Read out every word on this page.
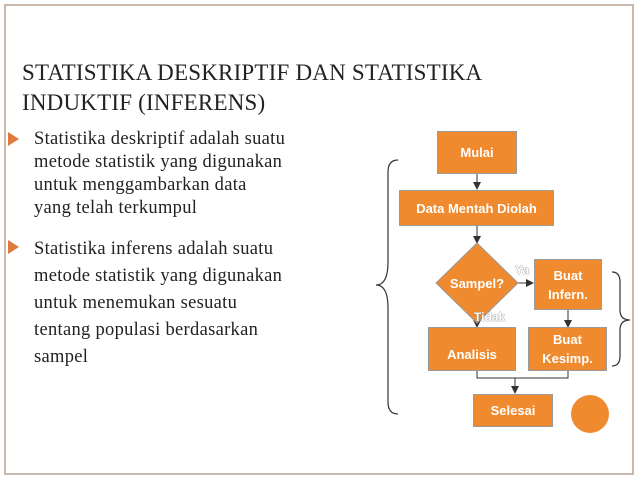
STATISTIKA DESKRIPTIF DAN STATISTIKA
INDUKTIF (INFERENS)
Statistika deskriptif adalah suatu
metode statistik yang digunakan
untuk menggambarkan data
yang telah terkumpul
Statistika inferens adalah suatu
metode statistik yang digunakan
untuk menemukan sesuatu
tentang populasi berdasarkan
sampel
Mulai
Data Mentah Diolah
Sampel?
Ya	Buat Infern.
Tidak
Analisis
Buat Kesimp.
Selesai
